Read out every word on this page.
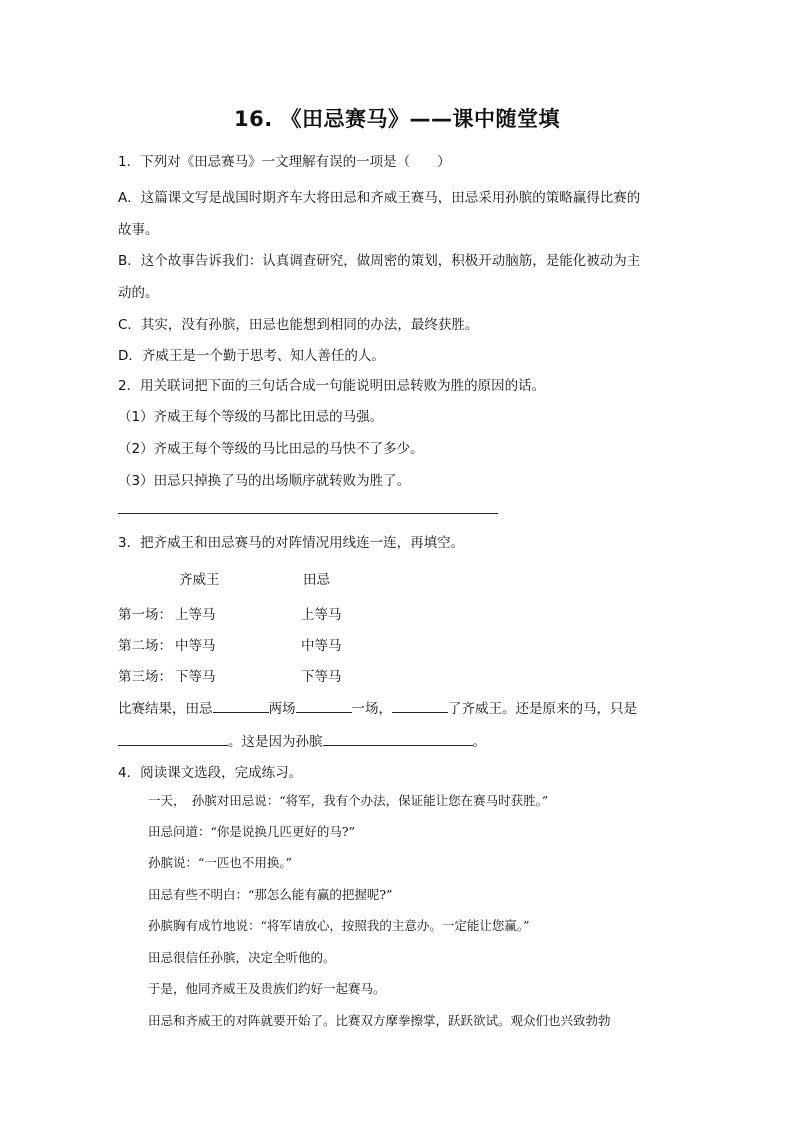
16. 《田忌赛马》——课中随堂填
1．下列对《田忌赛马》一文理解有误的一项是（　　）
A．这篇课文写是战国时期齐车大将田忌和齐威王赛马，田忌采用孙膑的策略赢得比赛的
故事。
B．这个故事告诉我们：认真调查研究，做周密的策划，积极开动脑筋，是能化被动为主
动的。
C．其实，没有孙膑，田忌也能想到相同的办法，最终获胜。
D．齐威王是一个勤于思考、知人善任的人。
2．用关联词把下面的三句话合成一句能说明田忌转败为胜的原因的话。
（1）齐威王每个等级的马都比田忌的马强。
（2）齐威王每个等级的马比田忌的马快不了多少。
（3）田忌只掉换了马的出场顺序就转败为胜了。
3．把齐威王和田忌赛马的对阵情况用线连一连，再填空。
齐威王	田忌
第一场： 上等马	上等马
第二场： 中等马	中等马
第三场： 下等马	下等马
比赛结果，田忌	两场	一场，	了齐威王。还是原来的马，只是
。这是因为孙膑	。
4．阅读课文选段，完成练习。
一天，　孙膑对田忌说：“将军，我有个办法，保证能让您在赛马时获胜。”
田忌问道：“你是说换几匹更好的马?”
孙膑说：“一匹也不用换。”
田忌有些不明白：“那怎么能有赢的把握呢?”
孙膑胸有成竹地说：“将军请放心，按照我的主意办。一定能让您赢。”
田忌很信任孙膑，决定全听他的。
于是，他同齐威王及贵族们约好一起赛马。
田忌和齐威王的对阵就要开始了。比赛双方摩拳擦掌，跃跃欲试。观众们也兴致勃勃
